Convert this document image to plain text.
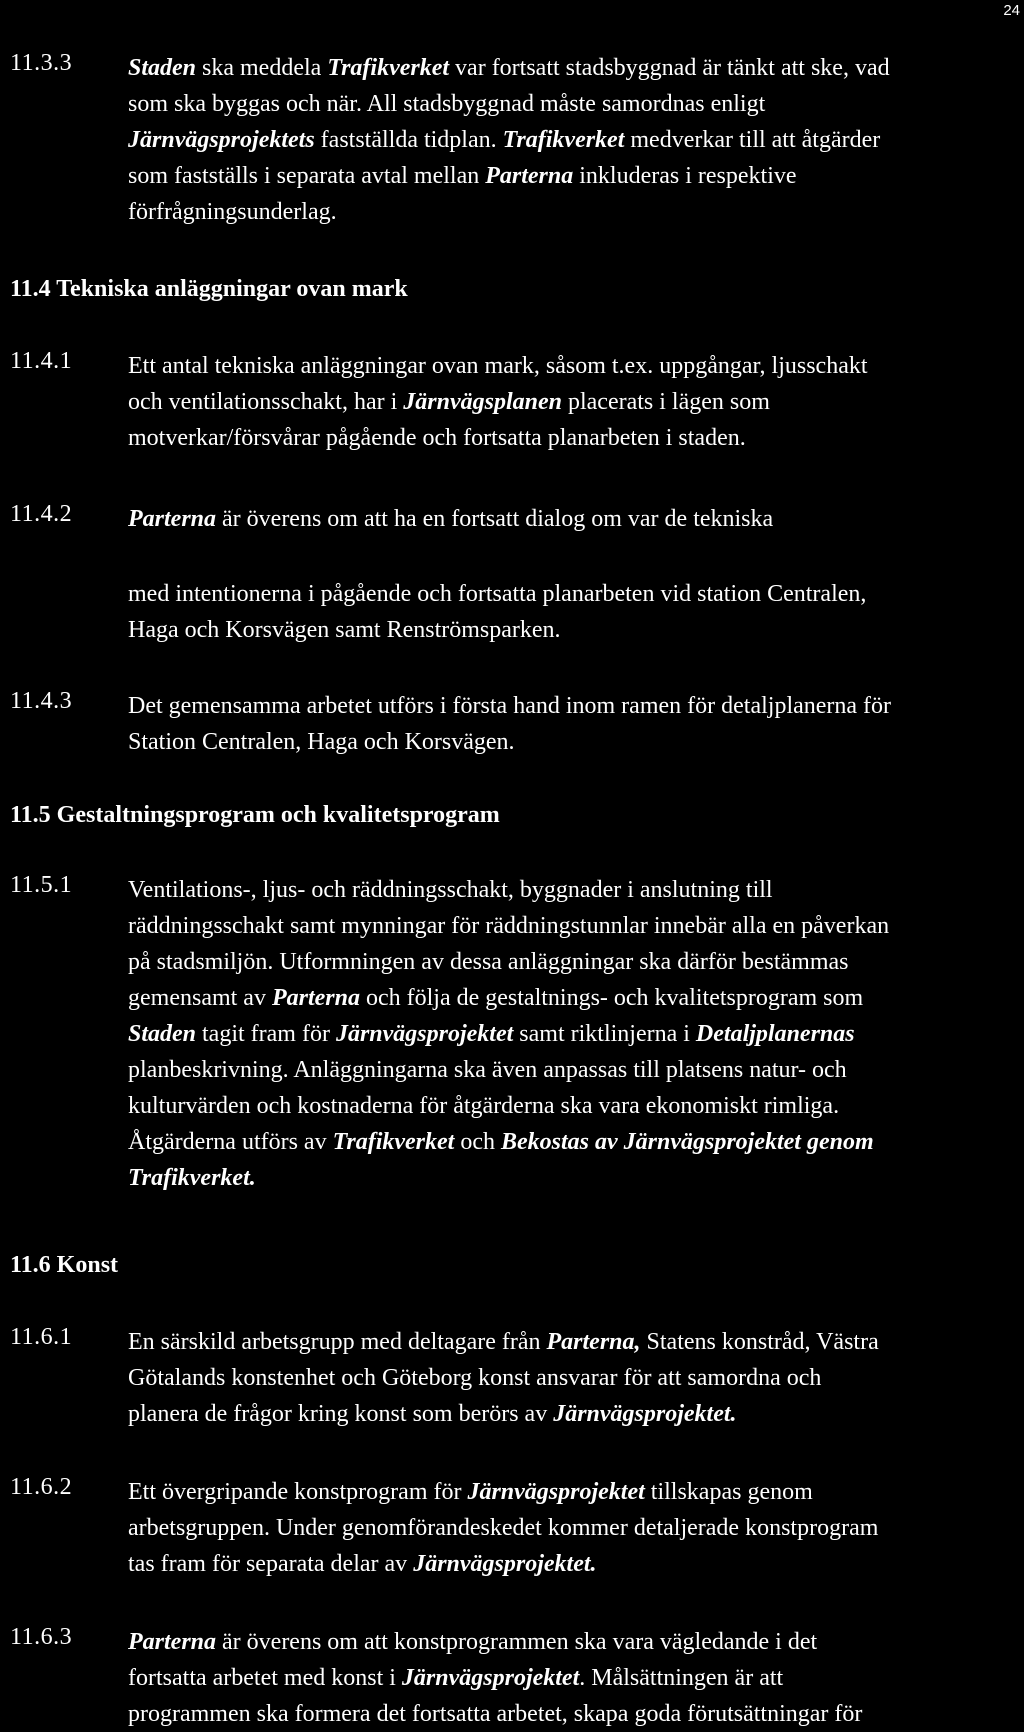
24
11.3.3 Staden ska meddela Trafikverket var fortsatt stadsbyggnad är tänkt att ske, vad
som ska byggas och när. All stadsbyggnad måste samordnas enligt
Järnvägsprojektets fastställda tidplan. Trafikverket medverkar till att åtgärder
som fastställs i separata avtal mellan Parterna inkluderas i respektive
förfrågningsunderlag.
11.4 Tekniska anläggningar ovan mark
11.4.1 Ett antal tekniska anläggningar ovan mark, såsom t.ex. uppgångar, ljusschakt
och ventilationsschakt, har i Järnvägsplanen placerats i lägen som
motverkar/försvårar pågående och fortsatta planarbeten i staden.
11.4.2 Parterna är överens om att ha en fortsatt dialog om var de tekniska
med intentionerna i pågående och fortsatta planarbeten vid station Centralen,
Haga och Korsvägen samt Renströmsparken.
11.4.3 Det gemensamma arbetet utförs i första hand inom ramen för detaljplanerna för
Station Centralen, Haga och Korsvägen.
11.5 Gestaltningsprogram och kvalitetsprogram
11.5.1 Ventilations-, ljus- och räddningsschakt, byggnader i anslutning till
räddningsschakt samt mynningar för räddningstunnlar innebär alla en påverkan
på stadsmiljön. Utformningen av dessa anläggningar ska därför bestämmas
gemensamt av Parterna och följa de gestaltnings- och kvalitetsprogram som
Staden tagit fram för Järnvägsprojektet samt riktlinjerna i Detaljplanernas
planbeskrivning. Anläggningarna ska även anpassas till platsens natur- och
kulturvärden och kostnaderna för åtgärderna ska vara ekonomiskt rimliga.
Åtgärderna utförs av Trafikverket och Bekostas av Järnvägsprojektet genom
Trafikverket.
11.6 Konst
11.6.1 En särskild arbetsgrupp med deltagare från Parterna, Statens konstråd, Västra
Götalands konstenhet och Göteborg konst ansvarar för att samordna och
planera de frågor kring konst som berörs av Järnvägsprojektet.
11.6.2 Ett övergripande konstprogram för Järnvägsprojektet tillskapas genom
arbetsgruppen. Under genomförandeskedet kommer detaljerade konstprogram
tas fram för separata delar av Järnvägsprojektet.
11.6.3 Parterna är överens om att konstprogrammen ska vara vägledande i det
fortsatta arbetet med konst i Järnvägsprojektet. Målsättningen är att
programmen ska formera det fortsatta arbetet, skapa goda förutsättningar för
